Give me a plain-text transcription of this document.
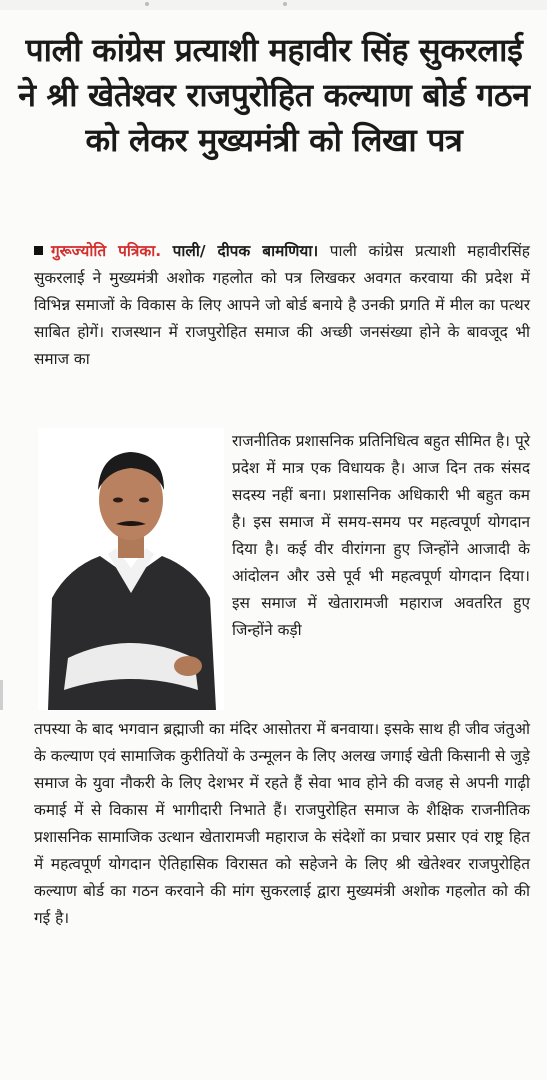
पाली कांग्रेस प्रत्याशी महावीर सिंह सुकरलाई ने श्री खेतेश्वर राजपुरोहित कल्याण बोर्ड गठन को लेकर मुख्यमंत्री को लिखा पत्र
गुरूज्योति पत्रिका. पाली/ दीपक बामणिया। पाली कांग्रेस प्रत्याशी महावीरसिंह सुकरलाई ने मुख्यमंत्री अशोक गहलोत को पत्र लिखकर अवगत करवाया की प्रदेश में विभिन्न समाजों के विकास के लिए आपने जो बोर्ड बनाये है उनकी प्रगति में मील का पत्थर साबित होगें। राजस्थान में राजपुरोहित समाज की अच्छी जनसंख्या होने के बावजूद भी समाज का

राजनीतिक प्रशासनिक प्रतिनिधित्व बहुत सीमित है। पूरे प्रदेश में मात्र एक विधायक है। आज दिन तक संसद सदस्य नहीं बना। प्रशासनिक अधिकारी भी बहुत कम है। इस समाज में समय-समय पर महत्वपूर्ण योगदान दिया है। कई वीर वीरांगना हुए जिन्होंने आजादी के आंदोलन और उसे पूर्व भी महत्वपूर्ण योगदान दिया। इस समाज में खेतारामजी महाराज अवतरित हुए जिन्होंने कड़ी

तपस्या के बाद भगवान ब्रह्माजी का मंदिर आसोतरा में बनवाया। इसके साथ ही जीव जंतुओ के कल्याण एवं सामाजिक कुरीतियों के उन्मूलन के लिए अलख जगाई खेती किसानी से जुड़े समाज के युवा नौकरी के लिए देशभर में रहते हैं सेवा भाव होने की वजह से अपनी गाढ़ी कमाई में से विकास में भागीदारी निभाते हैं। राजपुरोहित समाज के शैक्षिक राजनीतिक प्रशासनिक सामाजिक उत्थान खेतारामजी महाराज के संदेशों का प्रचार प्रसार एवं राष्ट्र हित में महत्वपूर्ण योगदान ऐतिहासिक विरासत को सहेजने के लिए श्री खेतेश्वर राजपुरोहित कल्याण बोर्ड का गठन करवाने की मांग सुकरलाई द्वारा मुख्यमंत्री अशोक गहलोत को की गई है।
